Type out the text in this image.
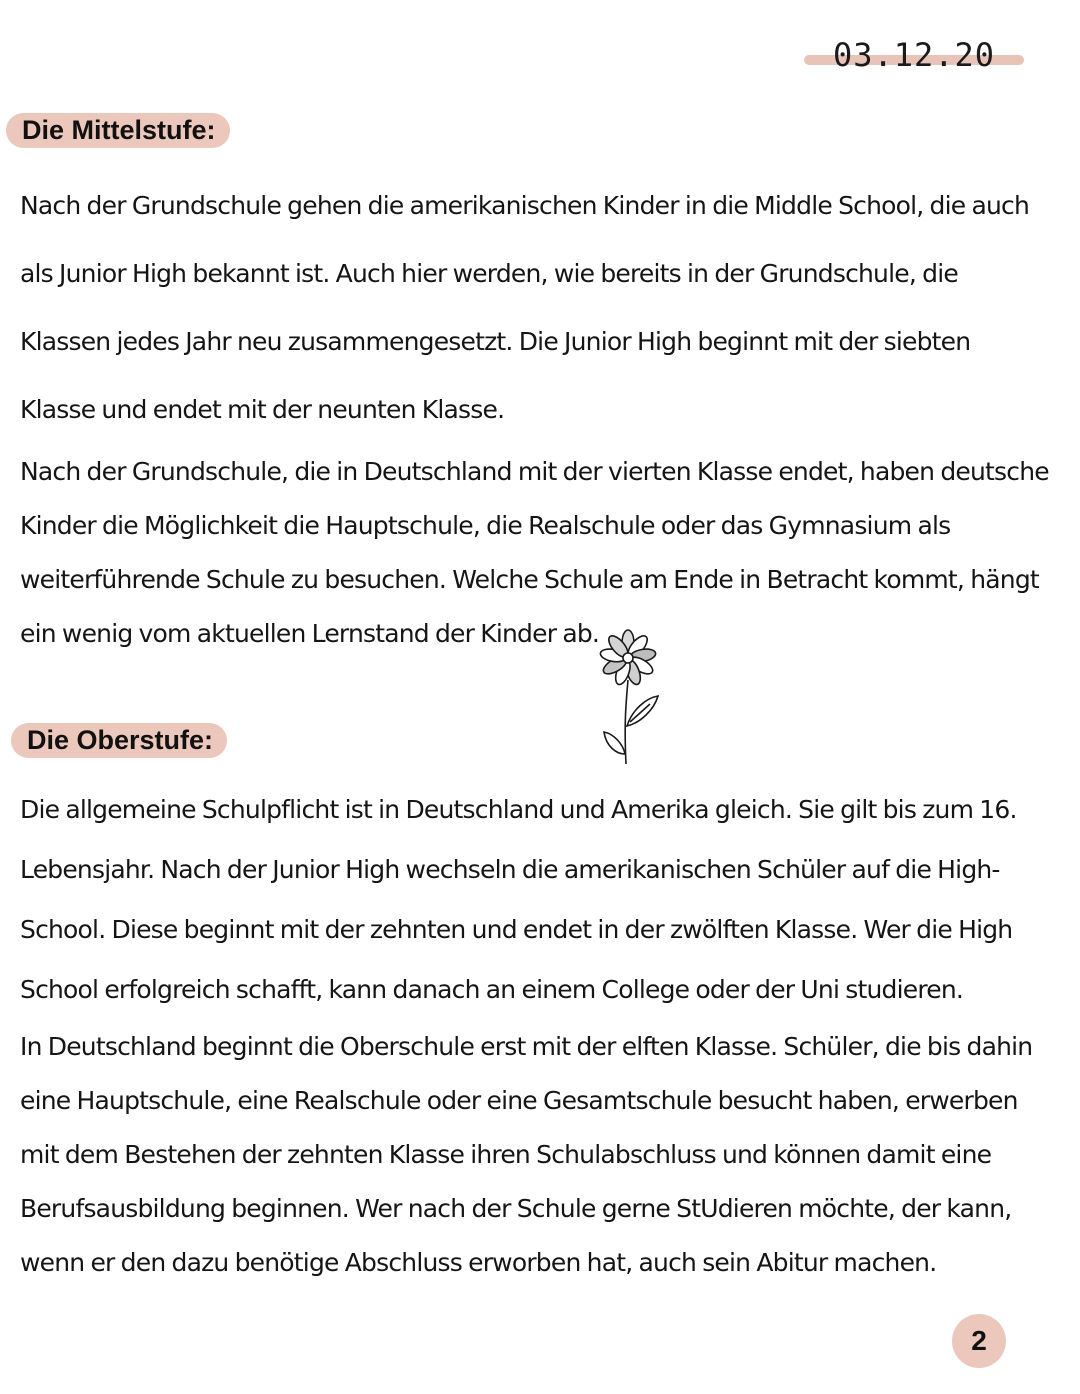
03.12.20
Die Mittelstufe:

Nach der Grundschule gehen die amerikanischen Kinder in die Middle School, die auch als Junior High bekannt ist. Auch hier werden, wie bereits in der Grundschule, die Klassen jedes Jahr neu zusammengesetzt. Die Junior High beginnt mit der siebten Klasse und endet mit der neunten Klasse.

Nach der Grundschule, die in Deutschland mit der vierten Klasse endet, haben deutsche Kinder die Möglichkeit die Hauptschule, die Realschule oder das Gymnasium als weiterführende Schule zu besuchen. Welche Schule am Ende in Betracht kommt, hängt ein wenig vom aktuellen Lernstand der Kinder ab.

Die Oberstufe:

Die allgemeine Schulpflicht ist in Deutschland und Amerika gleich. Sie gilt bis zum 16. Lebensjahr. Nach der Junior High wechseln die amerikanischen Schüler auf die High-School. Diese beginnt mit der zehnten und endet in der zwölften Klasse. Wer die High School erfolgreich schafft, kann danach an einem College oder der Uni studieren.

In Deutschland beginnt die Oberschule erst mit der elften Klasse. Schüler, die bis dahin eine Hauptschule, eine Realschule oder eine Gesamtschule besucht haben, erwerben mit dem Bestehen der zehnten Klasse ihren Schulabschluss und können damit eine Berufsausbildung beginnen. Wer nach der Schule gerne StUdieren möchte, der kann, wenn er den dazu benötige Abschluss erworben hat, auch sein Abitur machen.

2
